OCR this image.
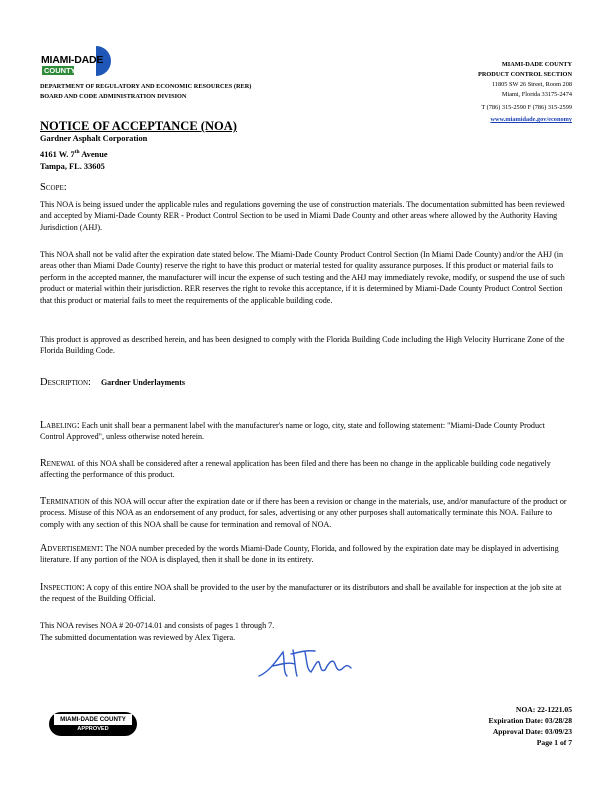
MIAMI-DADE
COUNTY
DEPARTMENT OF REGULATORY AND ECONOMIC RESOURCES (RER)
BOARD AND CODE ADMINISTRATION DIVISION
MIAMI-DADE COUNTY
PRODUCT CONTROL SECTION
11805 SW 26 Street, Room 208
Miami, Florida 33175-2474
T (786) 315-2590 F (786) 315-2599
www.miamidade.gov/economy
NOTICE OF ACCEPTANCE (NOA)
Gardner Asphalt Corporation
4161 W. 7th Avenue
Tampa, FL. 33605
Scope:
This NOA is being issued under the applicable rules and regulations governing the use of construction materials. The documentation submitted has been reviewed and accepted by Miami-Dade County RER - Product Control Section to be used in Miami Dade County and other areas where allowed by the Authority Having Jurisdiction (AHJ).
This NOA shall not be valid after the expiration date stated below. The Miami-Dade County Product Control Section (In Miami Dade County) and/or the AHJ (in areas other than Miami Dade County) reserve the right to have this product or material tested for quality assurance purposes. If this product or material fails to perform in the accepted manner, the manufacturer will incur the expense of such testing and the AHJ may immediately revoke, modify, or suspend the use of such product or material within their jurisdiction. RER reserves the right to revoke this acceptance, if it is determined by Miami-Dade County Product Control Section that this product or material fails to meet the requirements of the applicable building code.
This product is approved as described herein, and has been designed to comply with the Florida Building Code including the High Velocity Hurricane Zone of the Florida Building Code.
Description: Gardner Underlayments
Labeling: Each unit shall bear a permanent label with the manufacturer's name or logo, city, state and following statement: "Miami-Dade County Product Control Approved", unless otherwise noted herein.
Renewal of this NOA shall be considered after a renewal application has been filed and there has been no change in the applicable building code negatively affecting the performance of this product.
Termination of this NOA will occur after the expiration date or if there has been a revision or change in the materials, use, and/or manufacture of the product or process. Misuse of this NOA as an endorsement of any product, for sales, advertising or any other purposes shall automatically terminate this NOA. Failure to comply with any section of this NOA shall be cause for termination and removal of NOA.
Advertisement: The NOA number preceded by the words Miami-Dade County, Florida, and followed by the expiration date may be displayed in advertising literature. If any portion of the NOA is displayed, then it shall be done in its entirety.
Inspection: A copy of this entire NOA shall be provided to the user by the manufacturer or its distributors and shall be available for inspection at the job site at the request of the Building Official.
This NOA revises NOA # 20-0714.01 and consists of pages 1 through 7.
The submitted documentation was reviewed by Alex Tigera.
MIAMI-DADE COUNTY
APPROVED
NOA: 22-1221.05
Expiration Date: 03/28/28
Approval Date: 03/09/23
Page 1 of 7
